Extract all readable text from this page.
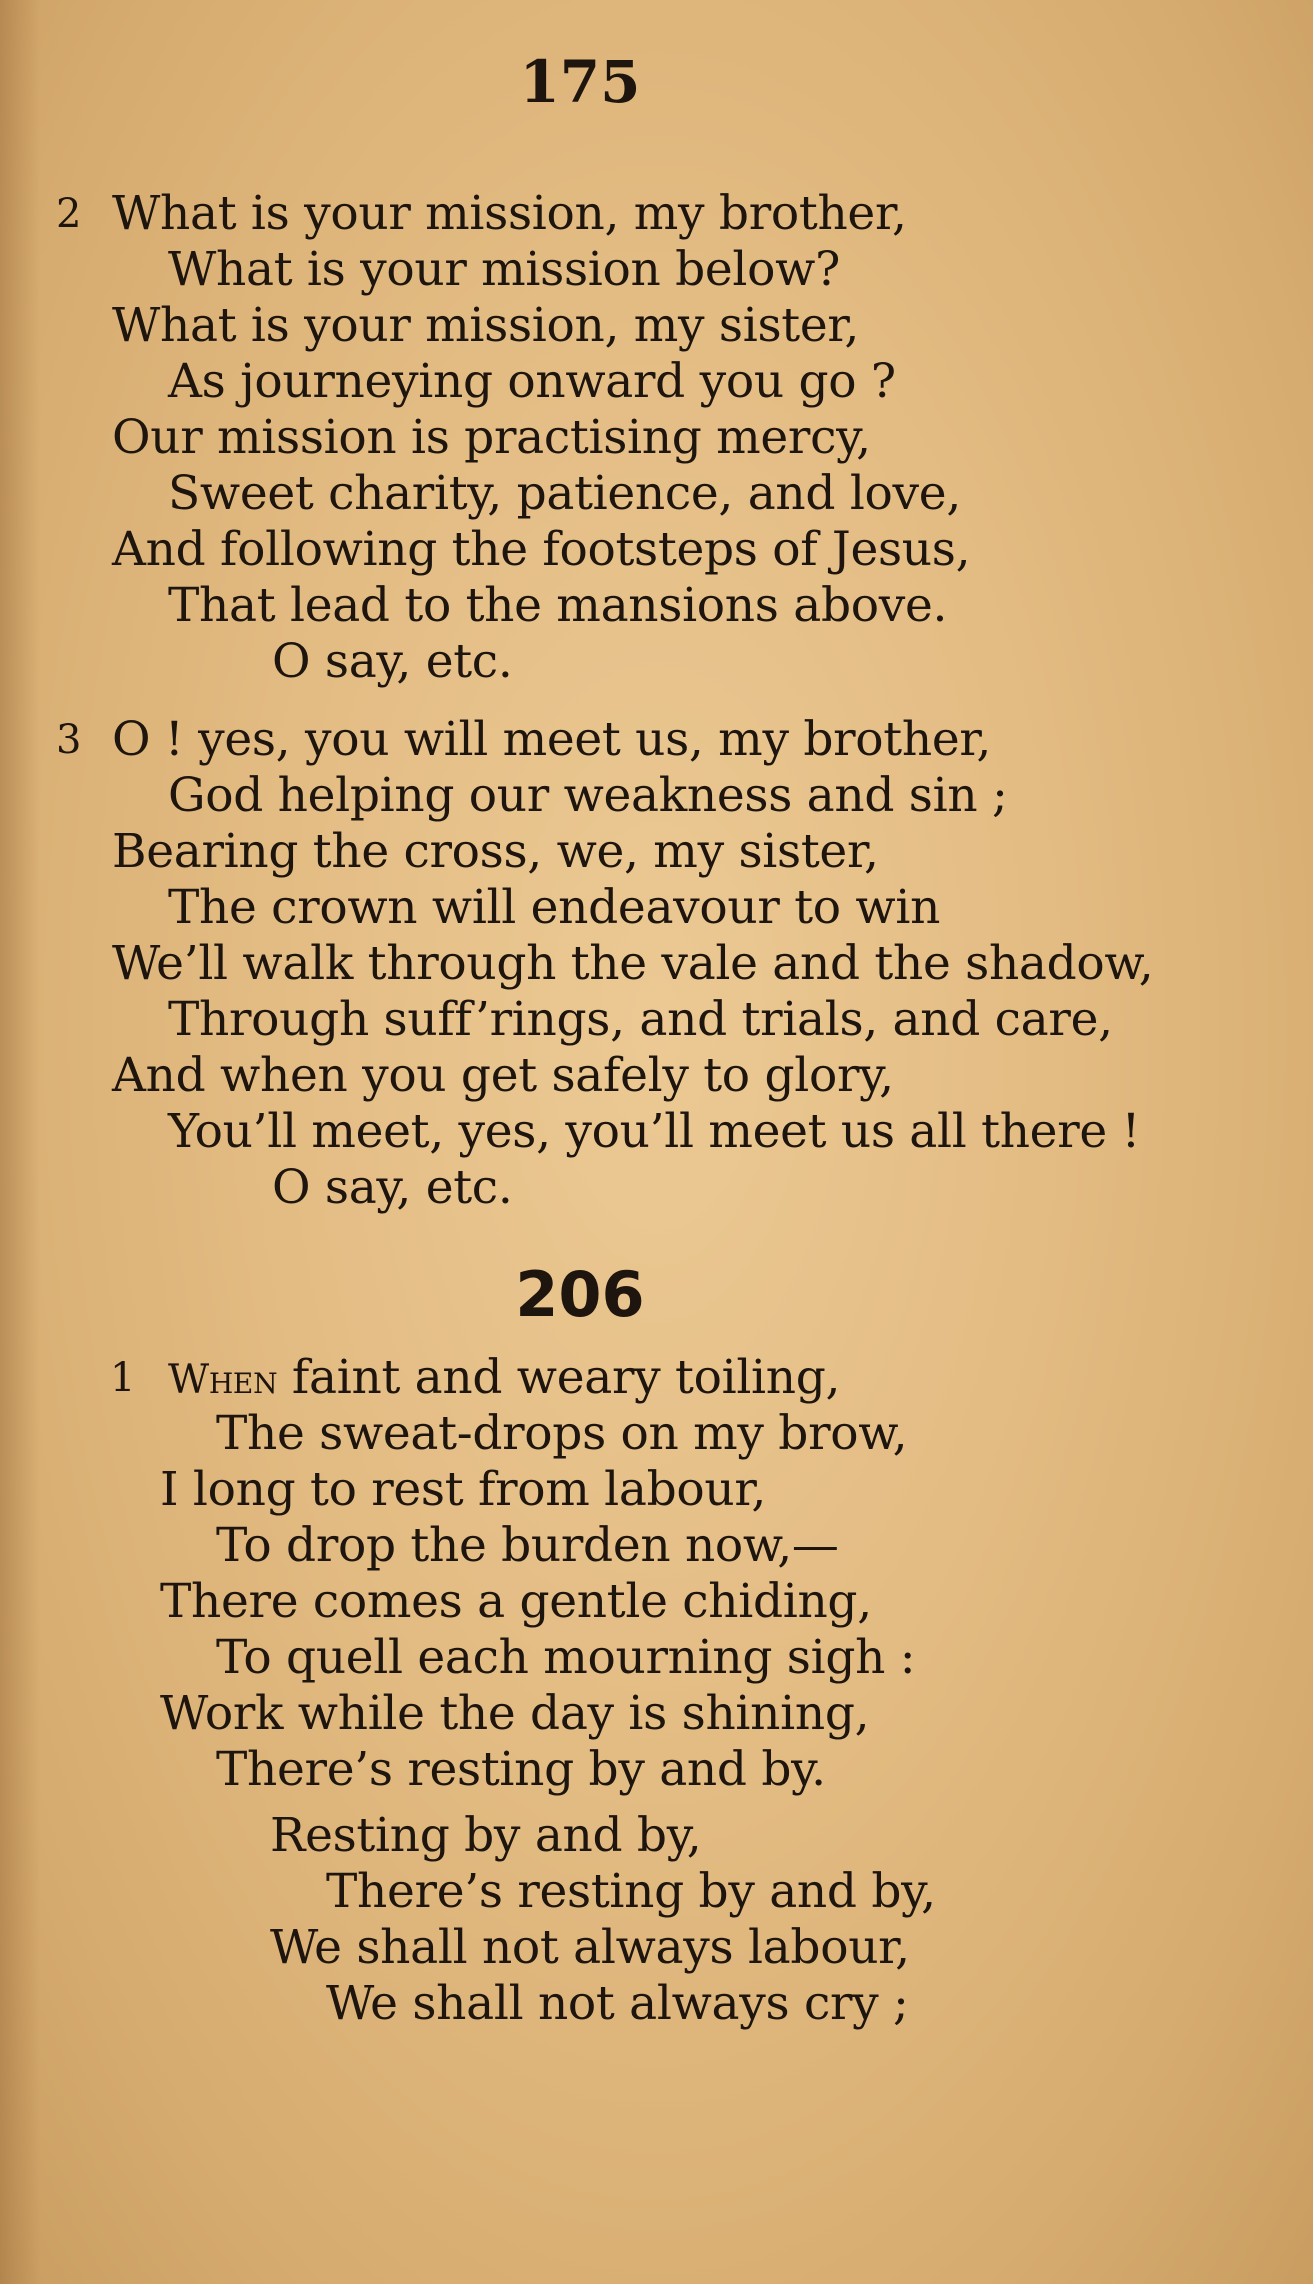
175
2 What is your mission, my brother,
What is your mission below?
What is your mission, my sister,
As journeying onward you go ?
Our mission is practising mercy,
Sweet charity, patience, and love,
And following the footsteps of Jesus,
That lead to the mansions above.
O say, etc.
3 O ! yes, you will meet us, my brother,
God helping our weakness and sin ;
Bearing the cross, we, my sister,
The crown will endeavour to win
We’ll walk through the vale and the shadow,
Through suff’rings, and trials, and care,
And when you get safely to glory,
You’ll meet, yes, you’ll meet us all there !
O say, etc.
206
1 When faint and weary toiling,
The sweat-drops on my brow,
I long to rest from labour,
To drop the burden now,—
There comes a gentle chiding,
To quell each mourning sigh :
Work while the day is shining,
There’s resting by and by.
Resting by and by,
There’s resting by and by,
We shall not always labour,
We shall not always cry ;
